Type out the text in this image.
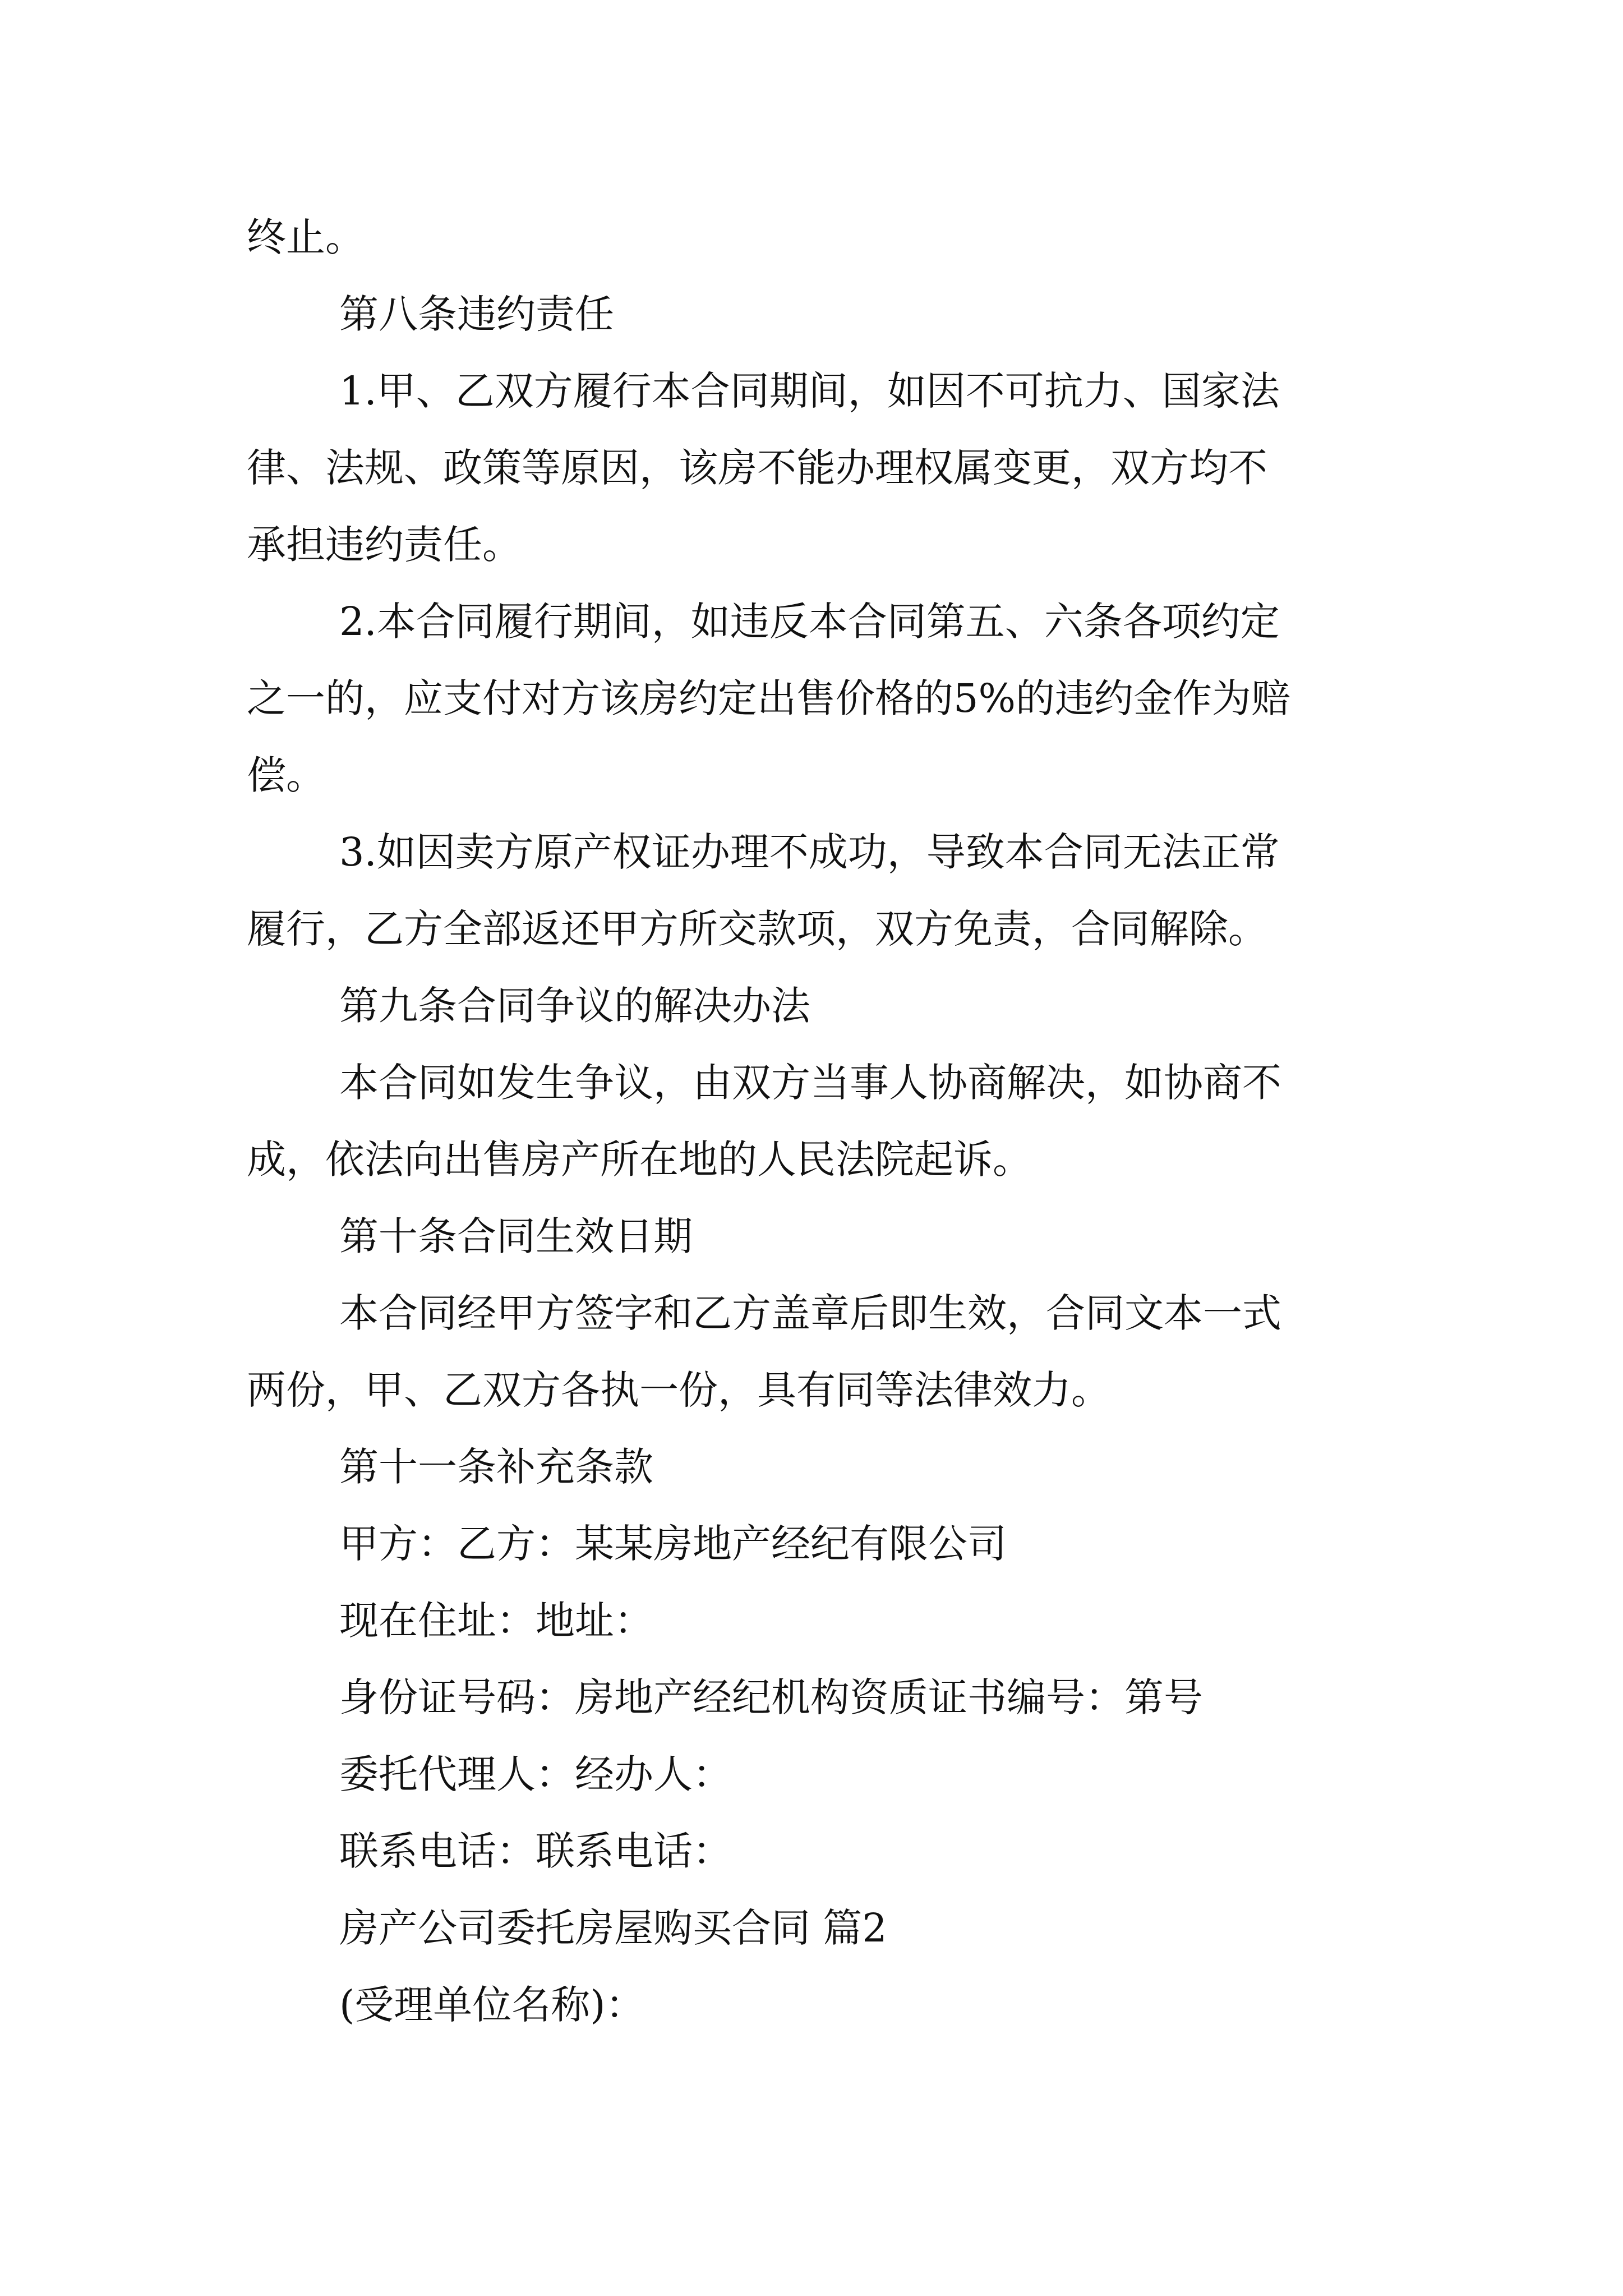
终止。
第八条违约责任
1.甲、乙双方履行本合同期间，如因不可抗力、国家法
律、法规、政策等原因，该房不能办理权属变更，双方均不
承担违约责任。
2.本合同履行期间，如违反本合同第五、六条各项约定
之一的，应支付对方该房约定出售价格的5%的违约金作为赔
偿。
3.如因卖方原产权证办理不成功，导致本合同无法正常
履行，乙方全部返还甲方所交款项，双方免责，合同解除。
第九条合同争议的解决办法
本合同如发生争议，由双方当事人协商解决，如协商不
成，依法向出售房产所在地的人民法院起诉。
第十条合同生效日期
本合同经甲方签字和乙方盖章后即生效，合同文本一式
两份，甲、乙双方各执一份，具有同等法律效力。
第十一条补充条款
甲方：乙方：某某房地产经纪有限公司
现在住址：地址：
身份证号码：房地产经纪机构资质证书编号：第号
委托代理人：经办人：
联系电话：联系电话：
房产公司委托房屋购买合同 篇2
(受理单位名称)：
